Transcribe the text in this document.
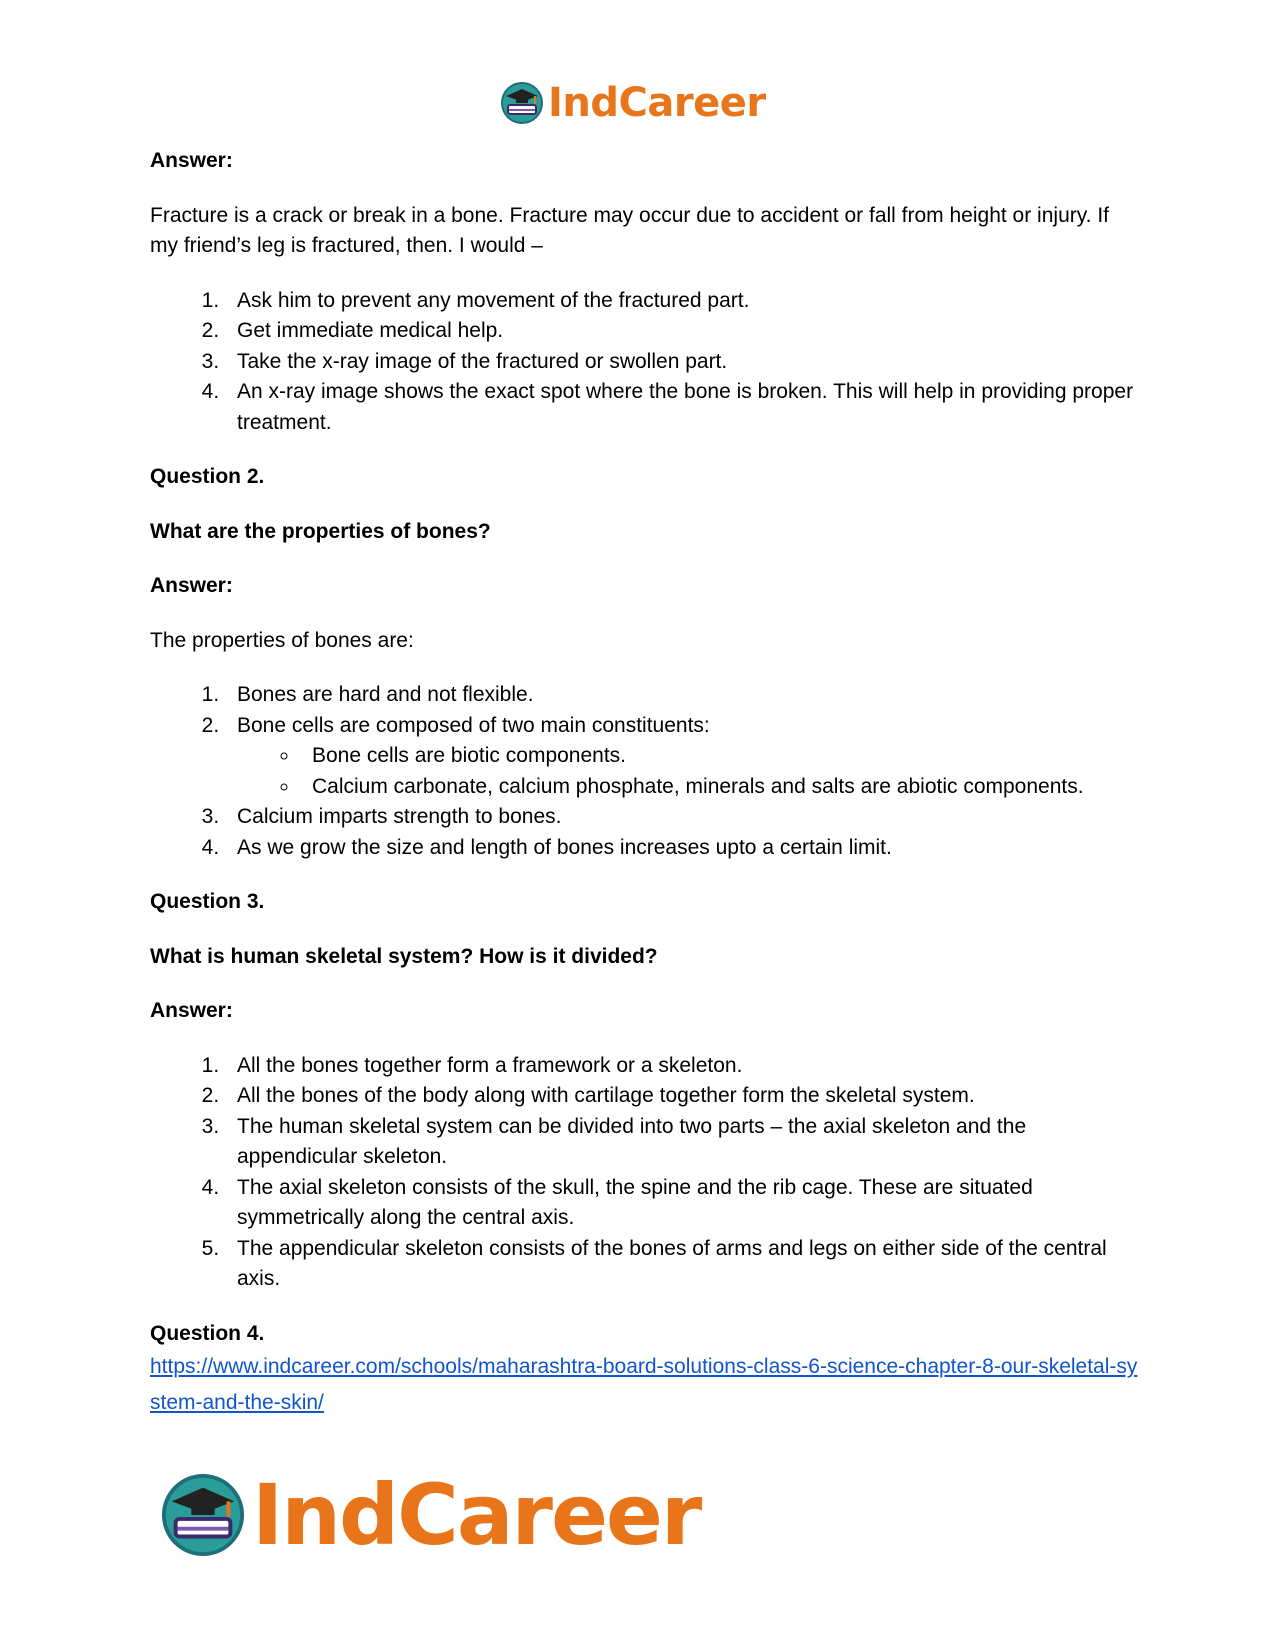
IndCareer

Answer:

Fracture is a crack or break in a bone. Fracture may occur due to accident or fall from height or injury. If my friend’s leg is fractured, then. I would –

1. Ask him to prevent any movement of the fractured part.
2. Get immediate medical help.
3. Take the x-ray image of the fractured or swollen part.
4. An x-ray image shows the exact spot where the bone is broken. This will help in providing proper treatment.

Question 2.

What are the properties of bones?

Answer:

The properties of bones are:

1. Bones are hard and not flexible.
2. Bone cells are composed of two main constituents:
◦ Bone cells are biotic components.
◦ Calcium carbonate, calcium phosphate, minerals and salts are abiotic components.
3. Calcium imparts strength to bones.
4. As we grow the size and length of bones increases upto a certain limit.

Question 3.

What is human skeletal system? How is it divided?

Answer:

1. All the bones together form a framework or a skeleton.
2. All the bones of the body along with cartilage together form the skeletal system.
3. The human skeletal system can be divided into two parts – the axial skeleton and the appendicular skeleton.
4. The axial skeleton consists of the skull, the spine and the rib cage. These are situated symmetrically along the central axis.
5. The appendicular skeleton consists of the bones of arms and legs on either side of the central axis.

Question 4.

https://www.indcareer.com/schools/maharashtra-board-solutions-class-6-science-chapter-8-our-skeletal-system-and-the-skin/

IndCareer
